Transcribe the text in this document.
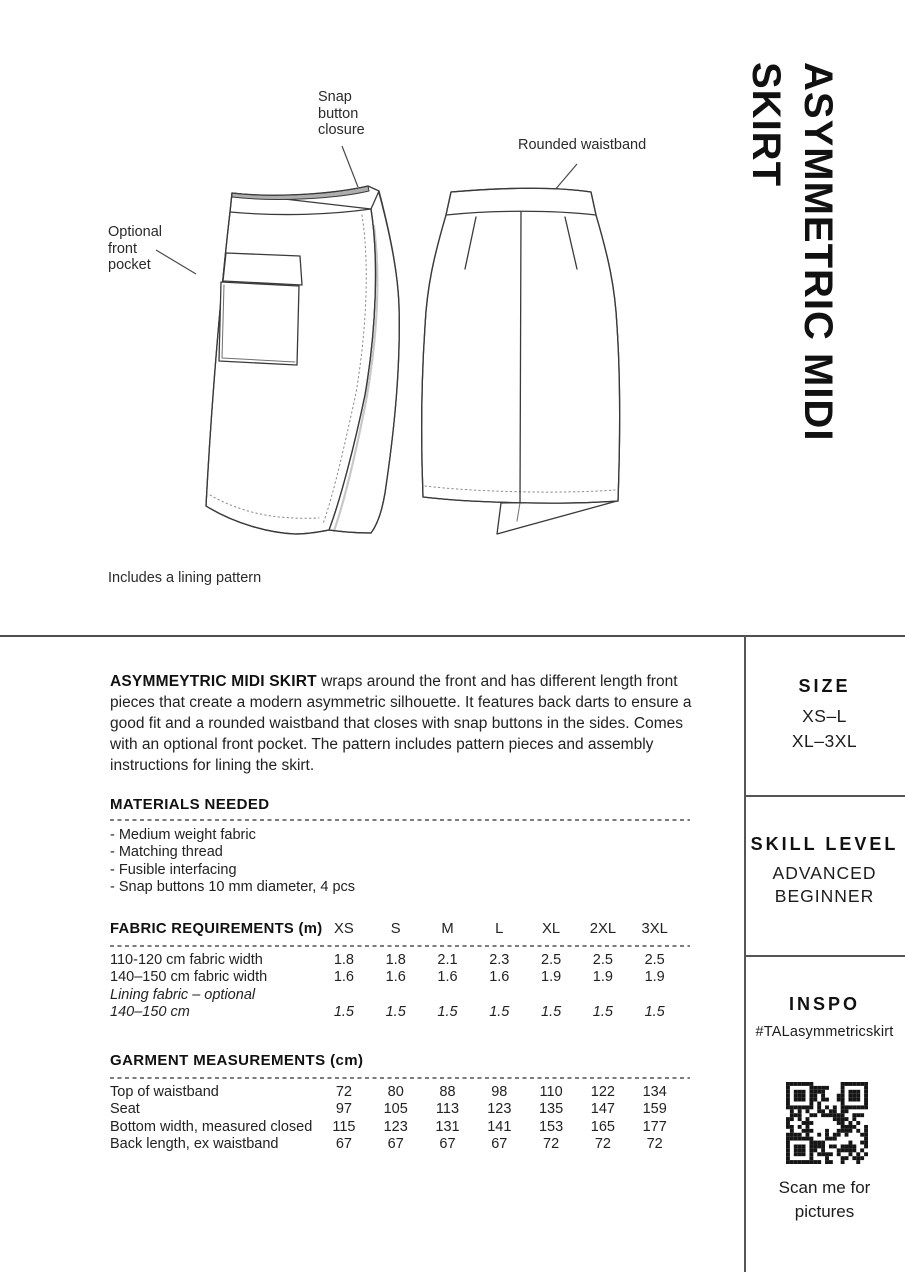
Snap
button
closure
Rounded waistband
Optional
front
pocket
Includes a lining pattern
ASYMMETRIC MIDI
SKIRT

ASYMMEYTRIC MIDI SKIRT wraps around the front and has different length front pieces that create a modern asymmetric silhouette. It features back darts to ensure a good fit and a rounded waistband that closes with snap buttons in the sides. Comes with an optional front pocket. The pattern includes pattern pieces and assembly instructions for lining the skirt.

MATERIALS NEEDED
- Medium weight fabric
- Matching thread
- Fusible interfacing
- Snap buttons 10 mm diameter, 4 pcs
FABRIC REQUIREMENTS (m) XS	S	M	L	XL	2XL	3XL
110-120 cm fabric width	1.8	1.8	2.1	2.3	2.5	2.5	2.5
140–150 cm fabric width	1.6	1.6	1.6	1.6	1.9	1.9	1.9
Lining fabric – optional
140–150 cm	1.5	1.5	1.5	1.5	1.5	1.5	1.5
GARMENT MEASUREMENTS (cm)
Top of waistband	72	80	88	98	110	122	134
Seat	97	105	113	123	135	147	159
Bottom width, measured closed	115	123	131	141	153	165	177
Back length, ex waistband	67	67	67	67	72	72	72
SIZE
XS–L
XL–3XL
SKILL LEVEL
ADVANCED
BEGINNER
INSPO
#TALasymmetricskirt
Scan me for
pictures
